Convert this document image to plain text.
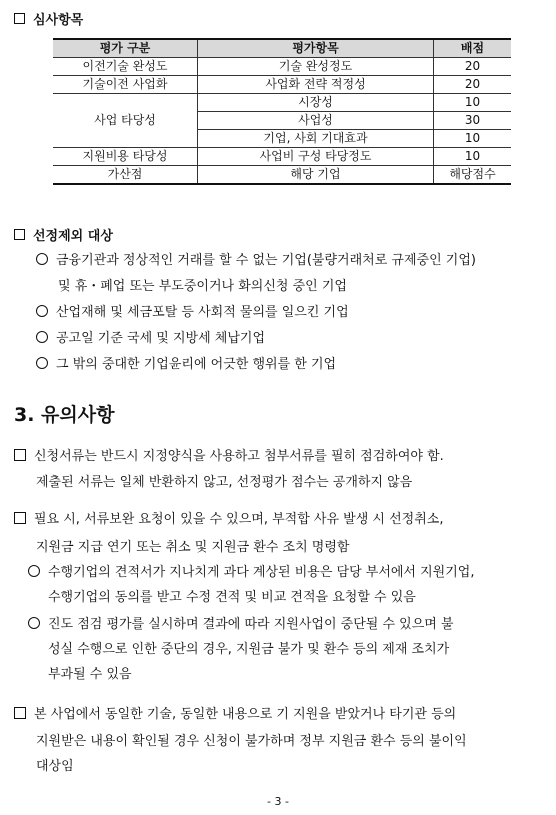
심사항목
평가 구분	평가항목	배점
이전기술 완성도	기술 완성정도	20
기술이전 사업화	사업화 전략 적정성	20
사업 타당성	시장성	10
	사업성	30
	기업, 사회 기대효과	10
지원비용 타당성	사업비 구성 타당정도	10
가산점	해당 기업	해당점수
선정제외 대상
금융기관과 정상적인 거래를 할 수 없는 기업(불량거래처로 규제중인 기업)
및 휴・폐업 또는 부도중이거나 화의신청 중인 기업
산업재해 및 세금포탈 등 사회적 물의를 일으킨 기업
공고일 기준 국세 및 지방세 체납기업
그 밖의 중대한 기업윤리에 어긋한 행위를 한 기업
3. 유의사항
신청서류는 반드시 지정양식을 사용하고 첨부서류를 필히 점검하여야 함.
제출된 서류는 일체 반환하지 않고, 선정평가 점수는 공개하지 않음
필요 시, 서류보완 요청이 있을 수 있으며, 부적합 사유 발생 시 선정취소,
지원금 지급 연기 또는 취소 및 지원금 환수 조치 명령함
수행기업의 견적서가 지나치게 과다 계상된 비용은 담당 부서에서 지원기업,
수행기업의 동의를 받고 수정 견적 및 비교 견적을 요청할 수 있음
진도 점검 평가를 실시하며 결과에 따라 지원사업이 중단될 수 있으며 불
성실 수행으로 인한 중단의 경우, 지원금 불가 및 환수 등의 제재 조치가
부과될 수 있음
본 사업에서 동일한 기술, 동일한 내용으로 기 지원을 받았거나 타기관 등의
지원받은 내용이 확인될 경우 신청이 불가하며 정부 지원금 환수 등의 불이익
대상임
- 3 -
